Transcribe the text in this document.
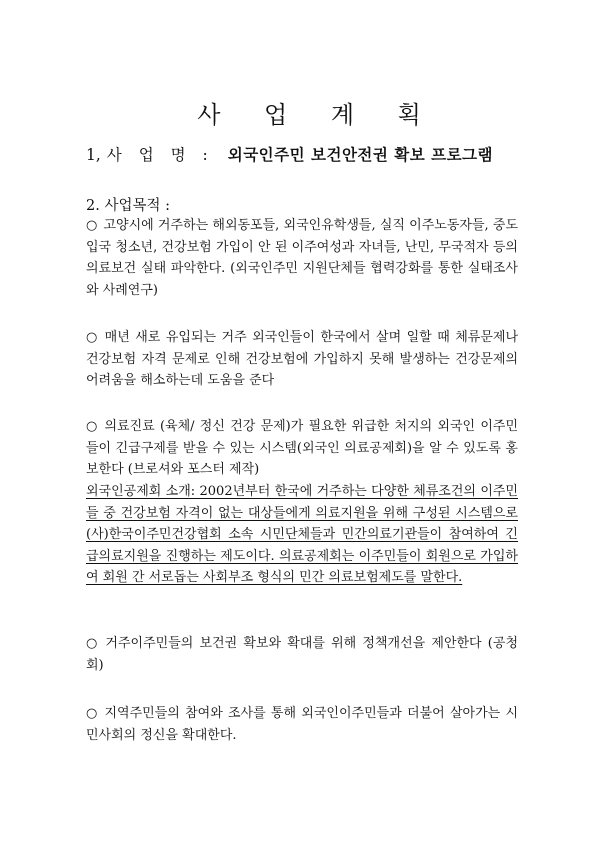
사 업 계 획
1, 사 업 명 : 외국인주민 보건안전권 확보 프로그램
2. 사업목적 :

○ 고양시에 거주하는 해외동포들, 외국인유학생들, 실직 이주노동자들, 중도입국 청소년, 건강보험 가입이 안 된 이주여성과 자녀들, 난민, 무국적자 등의 의료보건 실태 파악한다. (외국인주민 지원단체들 협력강화를 통한 실태조사와 사례연구)

○ 매년 새로 유입되는 거주 외국인들이 한국에서 살며 일할 때 체류문제나 건강보험 자격 문제로 인해 건강보험에 가입하지 못해 발생하는 건강문제의 어려움을 해소하는데 도움을 준다

○ 의료진료 (육체/ 정신 건강 문제)가 필요한 위급한 처지의 외국인 이주민들이 긴급구제를 받을 수 있는 시스템(외국인 의료공제회)을 알 수 있도록 홍보한다 (브로셔와 포스터 제작)

외국인공제회 소개: 2002년부터 한국에 거주하는 다양한 체류조건의 이주민들 중 건강보험 자격이 없는 대상들에게 의료지원을 위해 구성된 시스템으로 (사)한국이주민건강협회 소속 시민단체들과 민간의료기관들이 참여하여 긴급의료지원을 진행하는 제도이다. 의료공제회는 이주민들이 회원으로 가입하여 회원 간 서로돕는 사회부조 형식의 민간 의료보험제도를 말한다.

○ 거주이주민들의 보건권 확보와 확대를 위해 정책개선을 제안한다 (공청회)

○ 지역주민들의 참여와 조사를 통해 외국인이주민들과 더불어 살아가는 시민사회의 정신을 확대한다.
